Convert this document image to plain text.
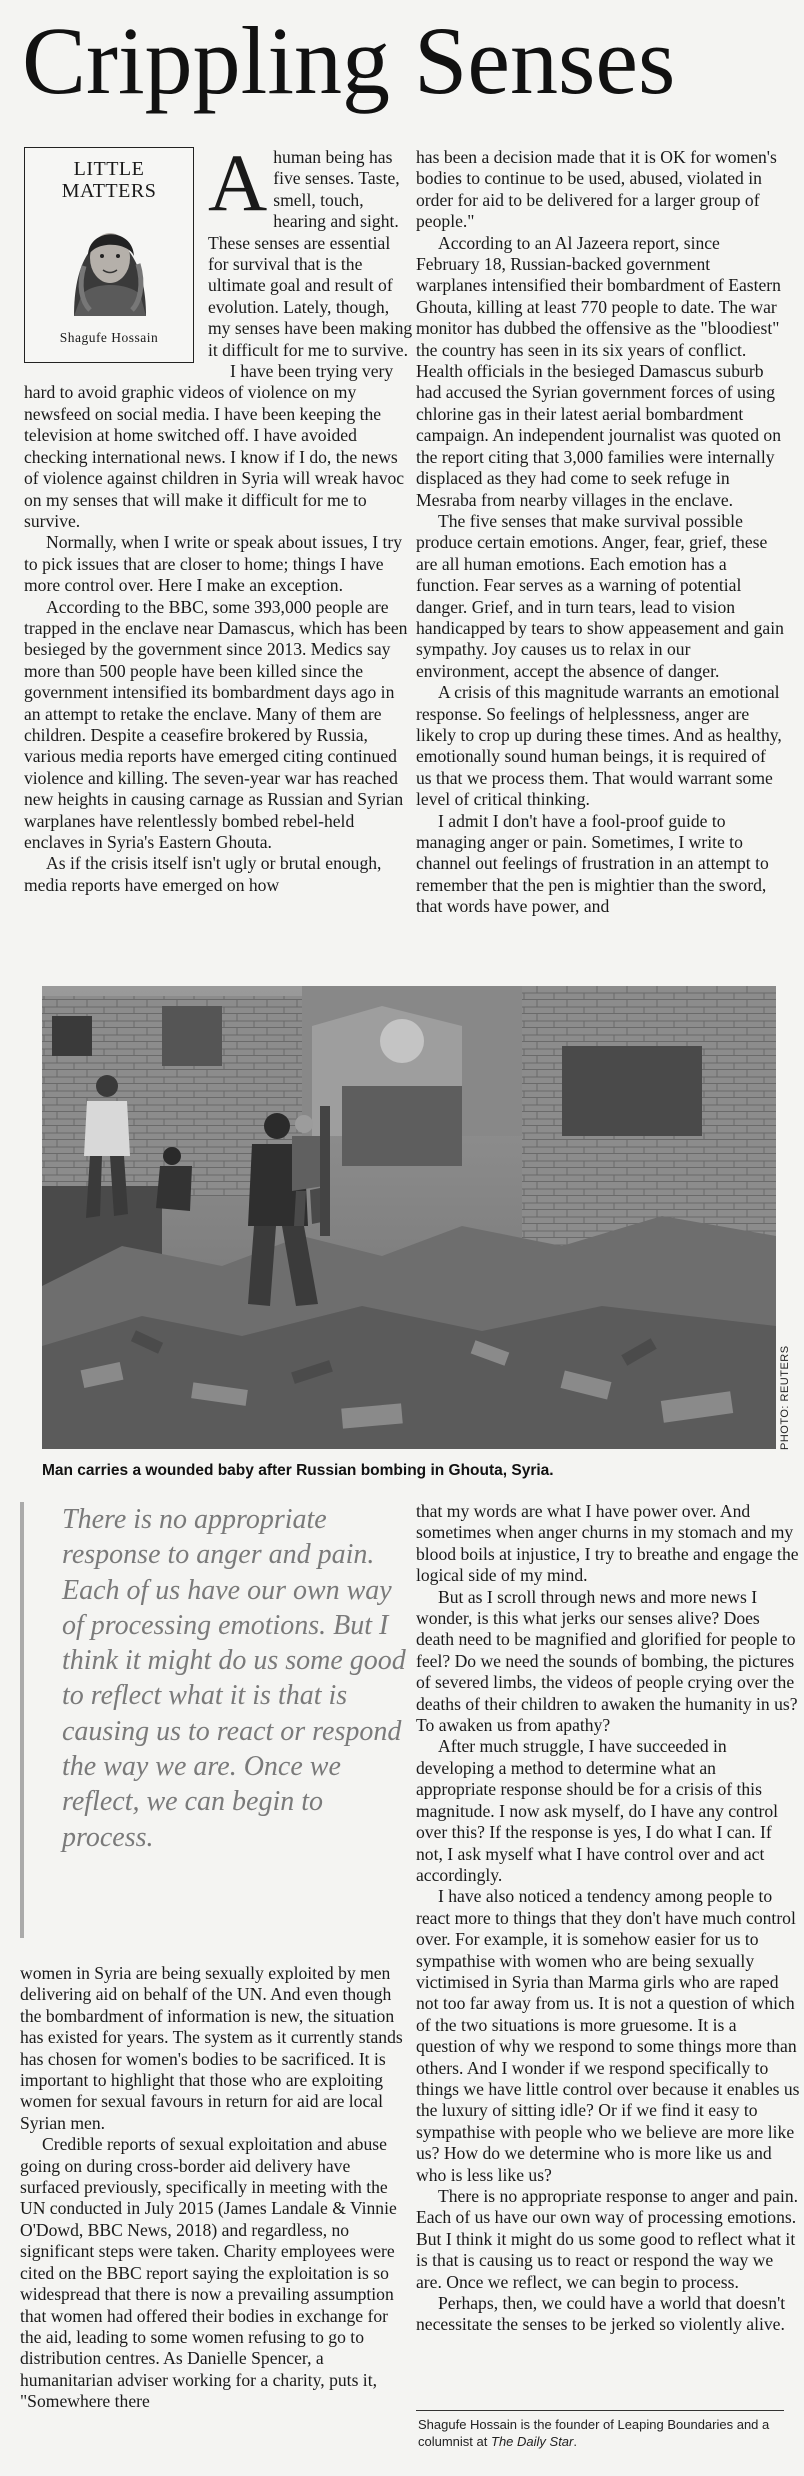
Crippling Senses
LITTLE
MATTERS
Shagufe Hossain

Ahuman being has five senses. Taste, smell, touch, hearing and sight. These senses are essential for survival that is the ultimate goal and result of evolution. Lately, though, my senses have been making it difficult for me to survive.

I have been trying very hard to avoid graphic videos of violence on my newsfeed on social media. I have been keeping the television at home switched off. I have avoided checking international news. I know if I do, the news of violence against children in Syria will wreak havoc on my senses that will make it difficult for me to survive.

Normally, when I write or speak about issues, I try to pick issues that are closer to home; things I have more control over. Here I make an exception.

According to the BBC, some 393,000 people are trapped in the enclave near Damascus, which has been besieged by the government since 2013. Medics say more than 500 people have been killed since the government intensified its bombardment days ago in an attempt to retake the enclave. Many of them are children. Despite a ceasefire brokered by Russia, various media reports have emerged citing continued violence and killing. The seven-year war has reached new heights in causing carnage as Russian and Syrian warplanes have relentlessly bombed rebel-held enclaves in Syria's Eastern Ghouta.

As if the crisis itself isn't ugly or brutal enough, media reports have emerged on how

has been a decision made that it is OK for women's bodies to continue to be used, abused, violated in order for aid to be delivered for a larger group of people."

According to an Al Jazeera report, since February 18, Russian-backed government warplanes intensified their bombardment of Eastern Ghouta, killing at least 770 people to date. The war monitor has dubbed the offensive as the "bloodiest" the country has seen in its six years of conflict. Health officials in the besieged Damascus suburb had accused the Syrian government forces of using chlorine gas in their latest aerial bombardment campaign. An independent journalist was quoted on the report citing that 3,000 families were internally displaced as they had come to seek refuge in Mesraba from nearby villages in the enclave.

The five senses that make survival possible produce certain emotions. Anger, fear, grief, these are all human emotions. Each emotion has a function. Fear serves as a warning of potential danger. Grief, and in turn tears, lead to vision handicapped by tears to show appeasement and gain sympathy. Joy causes us to relax in our environment, accept the absence of danger.

A crisis of this magnitude warrants an emotional response. So feelings of helplessness, anger are likely to crop up during these times. And as healthy, emotionally sound human beings, it is required of us that we process them. That would warrant some level of critical thinking.

I admit I don't have a fool-proof guide to managing anger or pain. Sometimes, I write to channel out feelings of frustration in an attempt to remember that the pen is mightier than the sword, that words have power, and

PHOTO: REUTERS
Man carries a wounded baby after Russian bombing in Ghouta, Syria.
There is no appropriate response to anger and pain. Each of us have our own way of processing emotions. But I think it might do us some good to reflect what it is that is causing us to react or respond the way we are. Once we reflect, we can begin to process.

women in Syria are being sexually exploited by men delivering aid on behalf of the UN. And even though the bombardment of information is new, the situation has existed for years. The system as it currently stands has chosen for women's bodies to be sacrificed. It is important to highlight that those who are exploiting women for sexual favours in return for aid are local Syrian men.

Credible reports of sexual exploitation and abuse going on during cross-border aid delivery have surfaced previously, specifically in meeting with the UN conducted in July 2015 (James Landale & Vinnie O'Dowd, BBC News, 2018) and regardless, no significant steps were taken. Charity employees were cited on the BBC report saying the exploitation is so widespread that there is now a prevailing assumption that women had offered their bodies in exchange for the aid, leading to some women refusing to go to distribution centres. As Danielle Spencer, a humanitarian adviser working for a charity, puts it, "Somewhere there

that my words are what I have power over. And sometimes when anger churns in my stomach and my blood boils at injustice, I try to breathe and engage the logical side of my mind.

But as I scroll through news and more news I wonder, is this what jerks our senses alive? Does death need to be magnified and glorified for people to feel? Do we need the sounds of bombing, the pictures of severed limbs, the videos of people crying over the deaths of their children to awaken the humanity in us? To awaken us from apathy?

After much struggle, I have succeeded in developing a method to determine what an appropriate response should be for a crisis of this magnitude. I now ask myself, do I have any control over this? If the response is yes, I do what I can. If not, I ask myself what I have control over and act accordingly.

I have also noticed a tendency among people to react more to things that they don't have much control over. For example, it is somehow easier for us to sympathise with women who are being sexually victimised in Syria than Marma girls who are raped not too far away from us. It is not a question of which of the two situations is more gruesome. It is a question of why we respond to some things more than others. And I wonder if we respond specifically to things we have little control over because it enables us the luxury of sitting idle? Or if we find it easy to sympathise with people who we believe are more like us? How do we determine who is more like us and who is less like us?

There is no appropriate response to anger and pain. Each of us have our own way of processing emotions. But I think it might do us some good to reflect what it is that is causing us to react or respond the way we are. Once we reflect, we can begin to process.

Perhaps, then, we could have a world that doesn't necessitate the senses to be jerked so violently alive.

Shagufe Hossain is the founder of Leaping Boundaries and a columnist at The Daily Star.
